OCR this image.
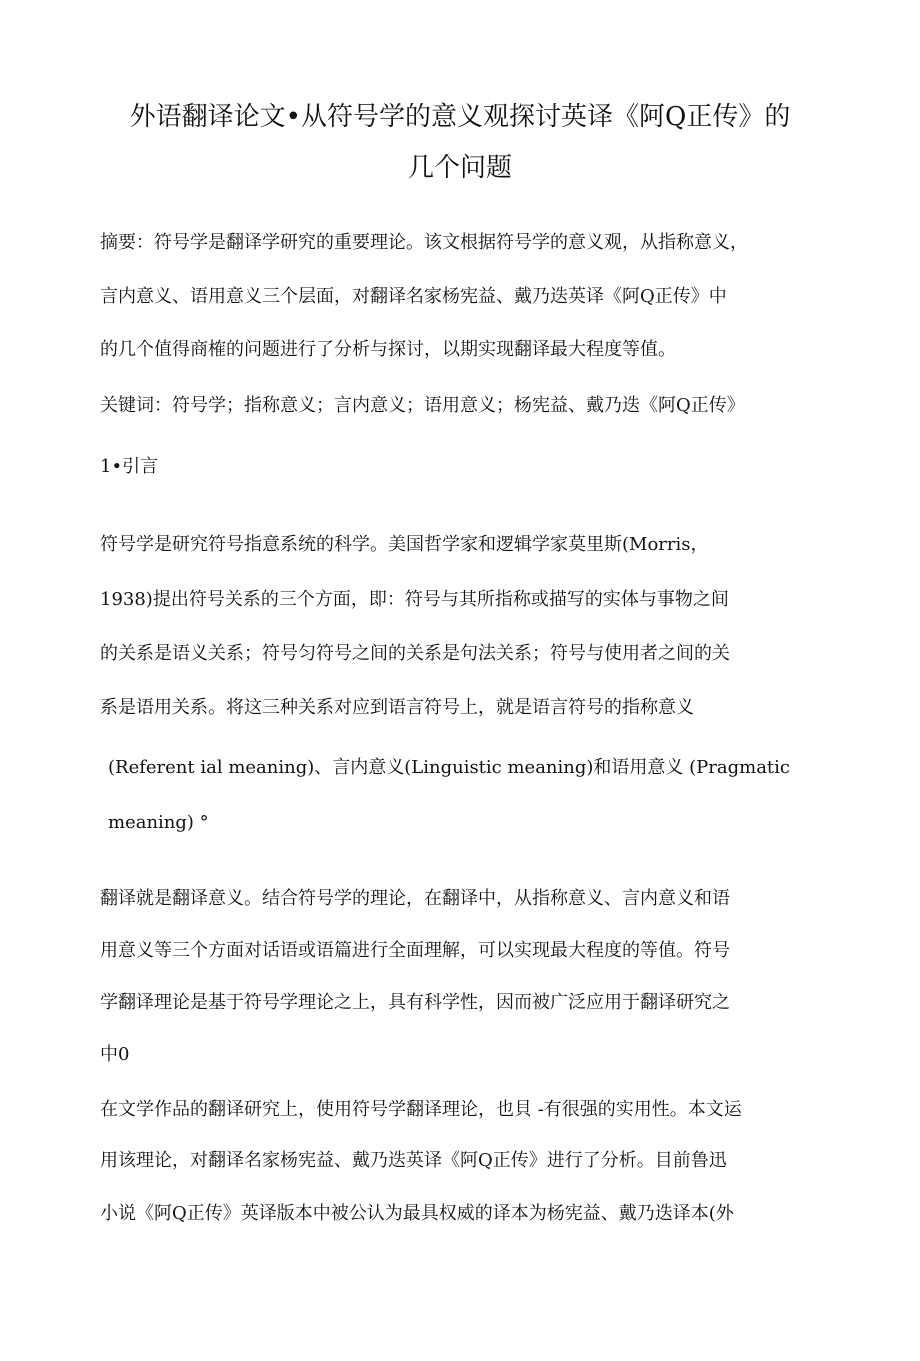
外语翻译论文•从符号学的意义观探讨英译《阿Q正传》的
几个问题
摘要：符号学是翻译学研究的重要理论。该文根据符号学的意义观，从指称意义，
言内意义、语用意义三个层面，对翻译名家杨宪益、戴乃迭英译《阿Q正传》中
的几个值得商榷的问题进行了分析与探讨，以期实现翻译最大程度等值。
关键词：符号学；指称意义；言内意义；语用意义；杨宪益、戴乃迭《阿Q正传》
1•引言
符号学是研究符号指意系统的科学。美国哲学家和逻辑学家莫里斯(Morris，
1938)提出符号关系的三个方面，即：符号与其所指称或描写的实体与事物之间
的关系是语义关系；符号匀符号之间的关系是句法关系；符号与使用者之间的关
系是语用关系。将这三种关系对应到语言符号上，就是语言符号的指称意义
(Referent ial meaning)、言内意义(Linguistic meaning)和语用意义 (Pragmatic
meaning) °
翻译就是翻译意义。结合符号学的理论，在翻译中，从指称意义、言内意义和语
用意义等三个方面对话语或语篇进行全面理解，可以实现最大程度的等值。符号
学翻译理论是基于符号学理论之上，具有科学性，因而被广泛应用于翻译研究之
中0
在文学作品的翻译研究上，使用符号学翻译理论，也貝 -有很强的实用性。本文运
用该理论，对翻译名家杨宪益、戴乃迭英译《阿Q正传》进行了分析。目前鲁迅
小说《阿Q正传》英译版本中被公认为最具权威的译本为杨宪益、戴乃迭译本(外
